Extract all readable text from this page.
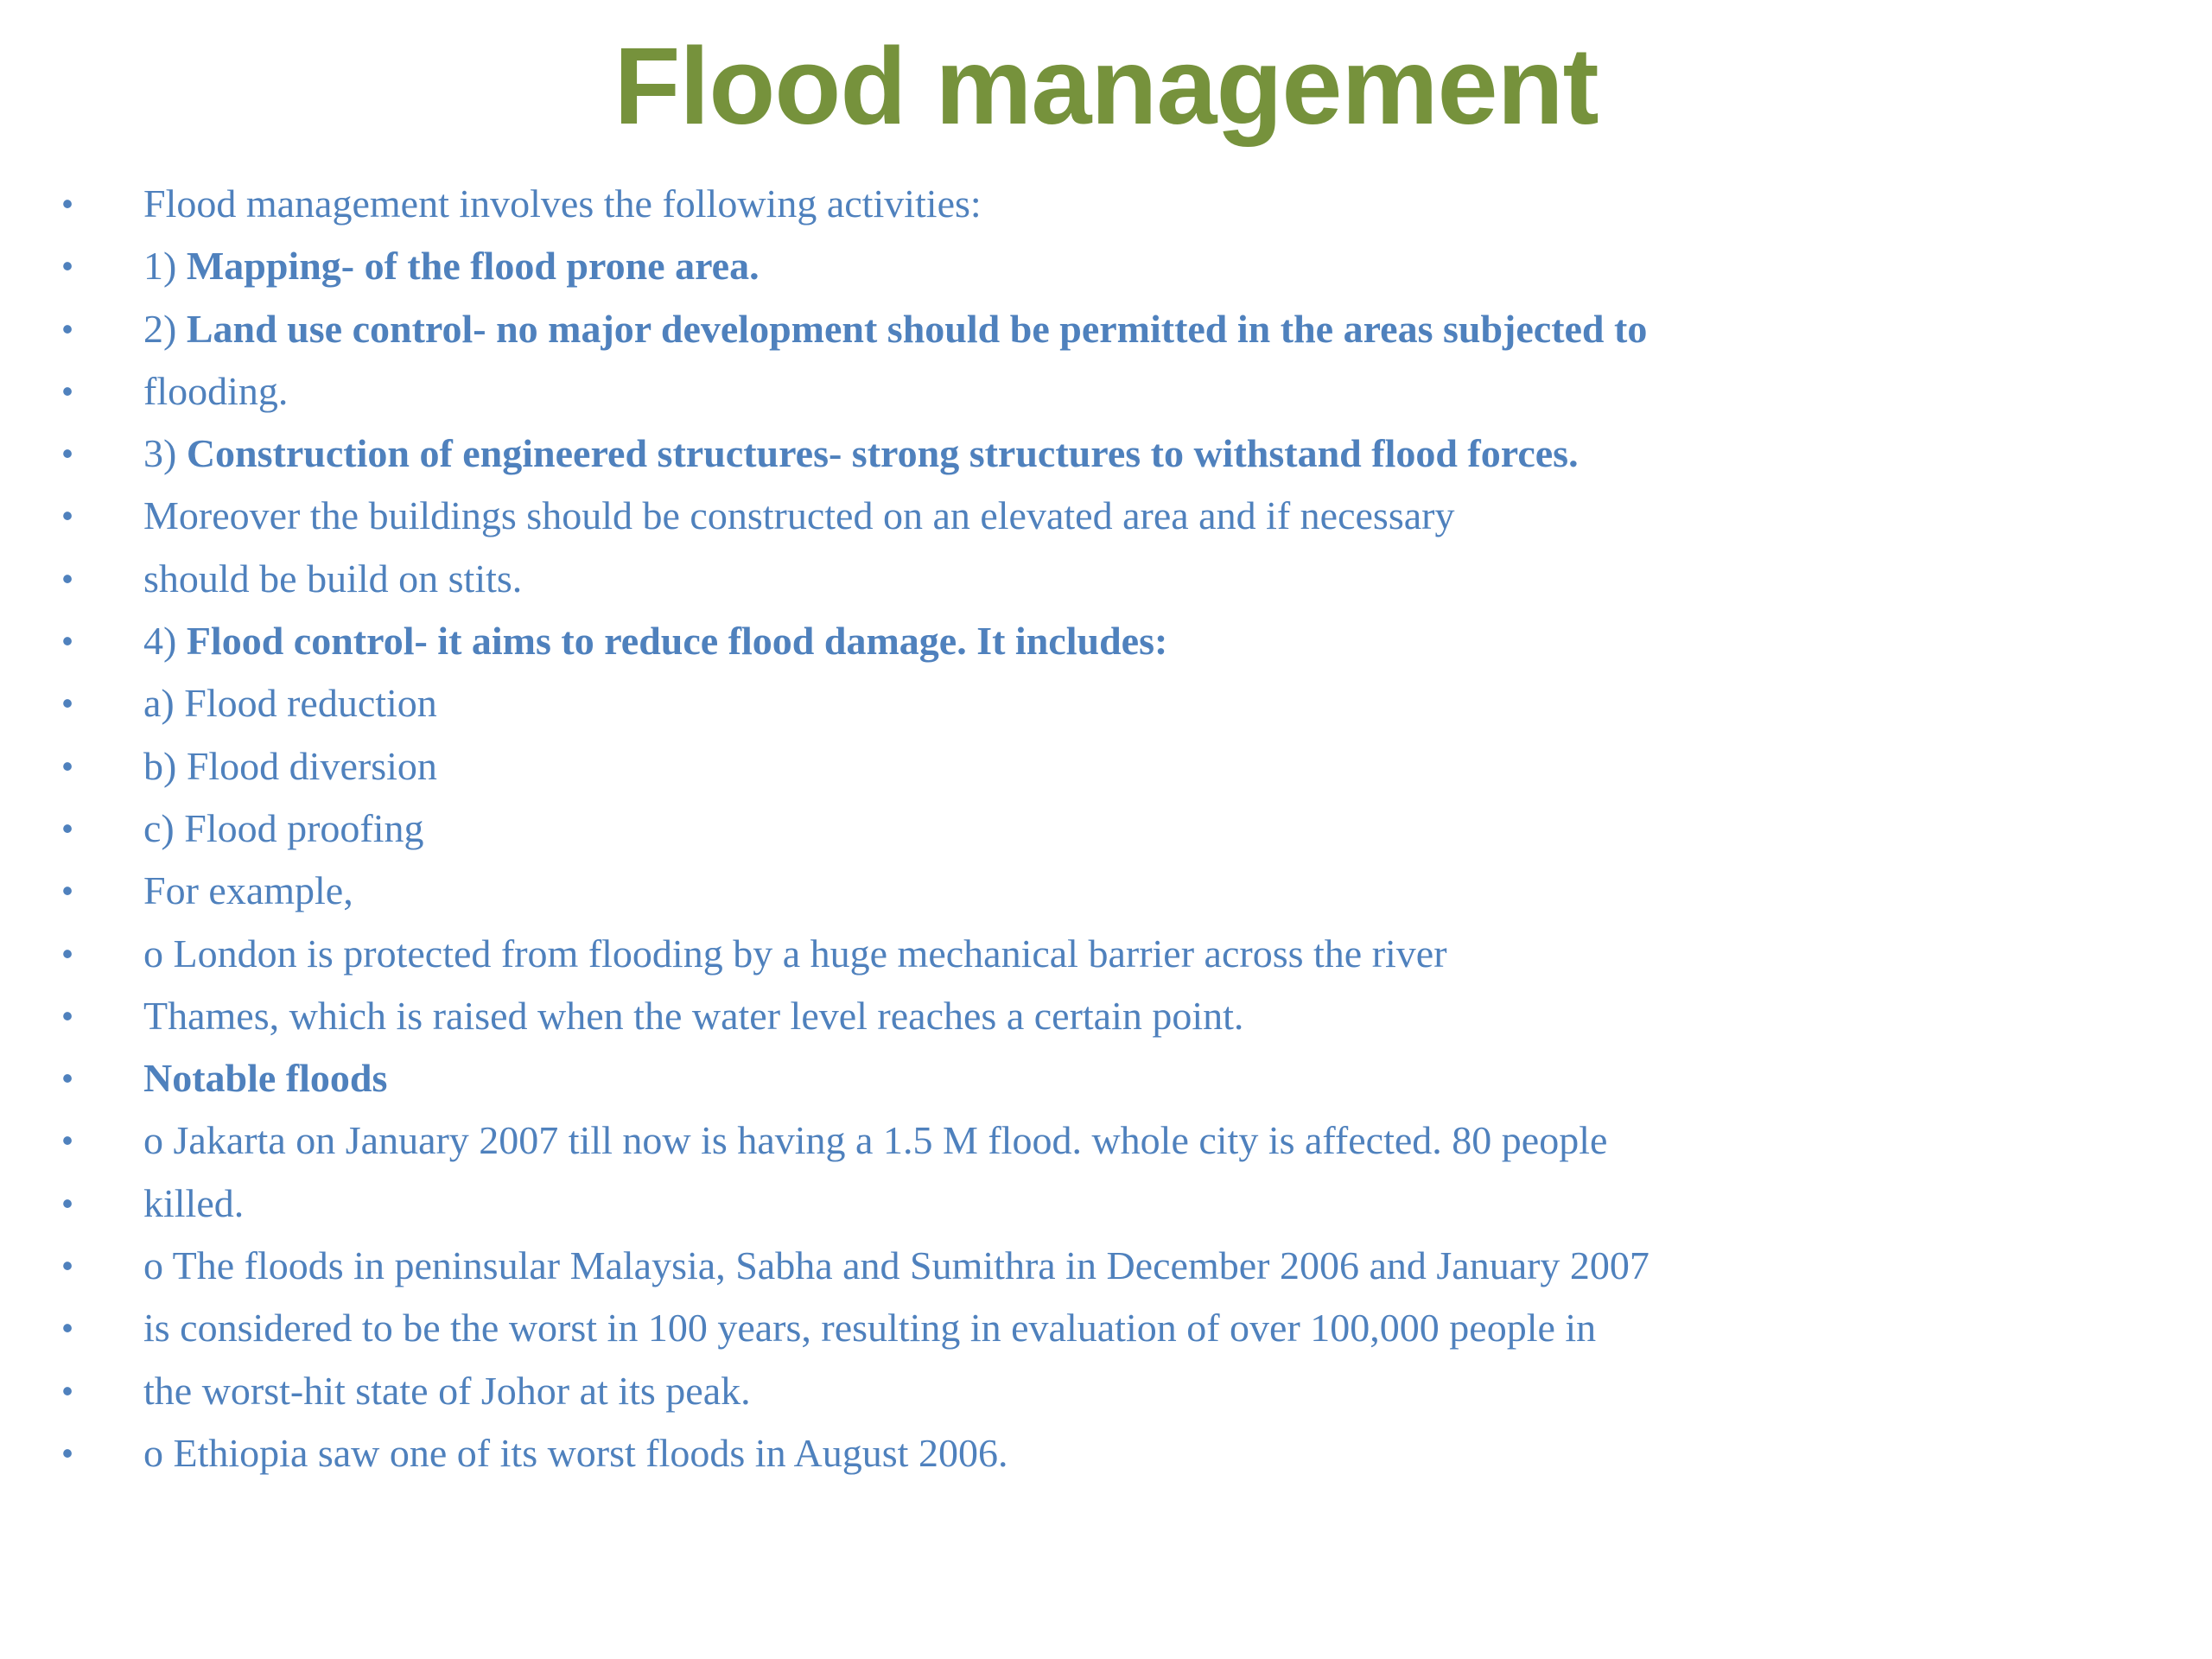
Flood management
• Flood management involves the following activities:
• 1) Mapping- of the flood prone area.
• 2) Land use control- no major development should be permitted in the areas subjected to
• flooding.
• 3) Construction of engineered structures- strong structures to withstand flood forces.
• Moreover the buildings should be constructed on an elevated area and if necessary
• should be build on stits.
• 4) Flood control- it aims to reduce flood damage. It includes:
• a) Flood reduction
• b) Flood diversion
• c) Flood proofing
• For example,
• o London is protected from flooding by a huge mechanical barrier across the river
• Thames, which is raised when the water level reaches a certain point.
• Notable floods
• o Jakarta on January 2007 till now is having a 1.5 M flood. whole city is affected. 80 people
• killed.
• o The floods in peninsular Malaysia, Sabha and Sumithra in December 2006 and January 2007
• is considered to be the worst in 100 years, resulting in evaluation of over 100,000 people in
• the worst-hit state of Johor at its peak.
• o Ethiopia saw one of its worst floods in August 2006.
